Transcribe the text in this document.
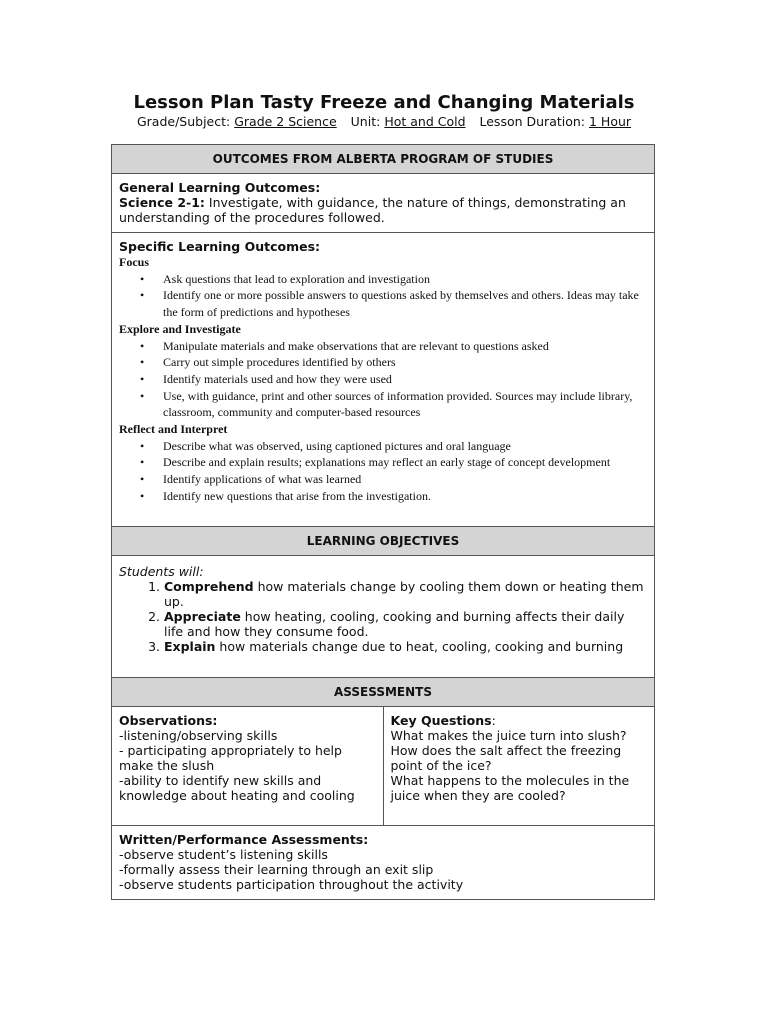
Lesson Plan Tasty Freeze and Changing Materials
Grade/Subject: Grade 2 Science Unit: Hot and Cold Lesson Duration: 1 Hour
OUTCOMES FROM ALBERTA PROGRAM OF STUDIES

General Learning Outcomes:
Science 2-1: Investigate, with guidance, the nature of things, demonstrating an understanding of the procedures followed.

Specific Learning Outcomes:
Focus
• Ask questions that lead to exploration and investigation
• Identify one or more possible answers to questions asked by themselves and others. Ideas may take the form of predictions and hypotheses
Explore and Investigate
• Manipulate materials and make observations that are relevant to questions asked
• Carry out simple procedures identified by others
• Identify materials used and how they were used
• Use, with guidance, print and other sources of information provided. Sources may include library, classroom, community and computer-based resources
Reflect and Interpret
• Describe what was observed, using captioned pictures and oral language
• Describe and explain results; explanations may reflect an early stage of concept development
• Identify applications of what was learned
• Identify new questions that arise from the investigation.

LEARNING OBJECTIVES

Students will:
1. Comprehend how materials change by cooling them down or heating them up.
2. Appreciate how heating, cooling, cooking and burning affects their daily life and how they consume food.
3. Explain how materials change due to heat, cooling, cooking and burning

ASSESSMENTS

Observations:
-listening/observing skills
- participating appropriately to help make the slush
-ability to identify new skills and knowledge about heating and cooling

Key Questions:
What makes the juice turn into slush?
How does the salt affect the freezing point of the ice?
What happens to the molecules in the juice when they are cooled?

Written/Performance Assessments:
-observe student’s listening skills
-formally assess their learning through an exit slip
-observe students participation throughout the activity
